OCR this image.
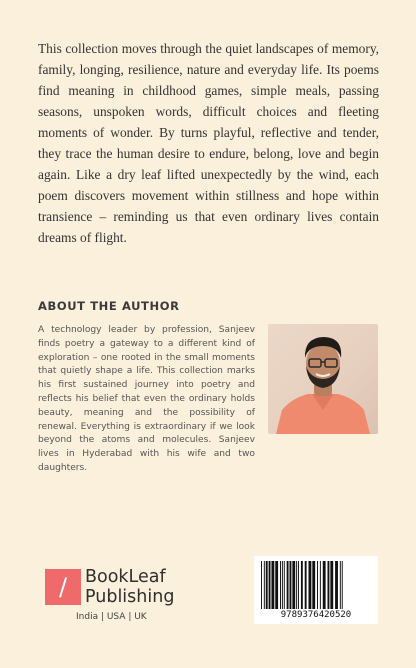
This collection moves through the quiet landscapes of memory, family, longing, resilience, nature and everyday life. Its poems find meaning in childhood games, simple meals, passing seasons, unspoken words, difficult choices and fleeting moments of wonder. By turns playful, reflective and tender, they trace the human desire to endure, belong, love and begin again. Like a dry leaf lifted unexpectedly by the wind, each poem discovers movement within stillness and hope within transience – reminding us that even ordinary lives contain dreams of flight.

ABOUT THE AUTHOR

A technology leader by profession, Sanjeev finds poetry a gateway to a different kind of exploration – one rooted in the small moments that quietly shape a life. This collection marks his first sustained journey into poetry and reflects his belief that even the ordinary holds beauty, meaning and the possibility of renewal. Everything is extraordinary if we look beyond the atoms and molecules. Sanjeev lives in Hyderabad with his wife and two daughters.

/	BookLeaf
Publishing
India | USA | UK	9789376420520
